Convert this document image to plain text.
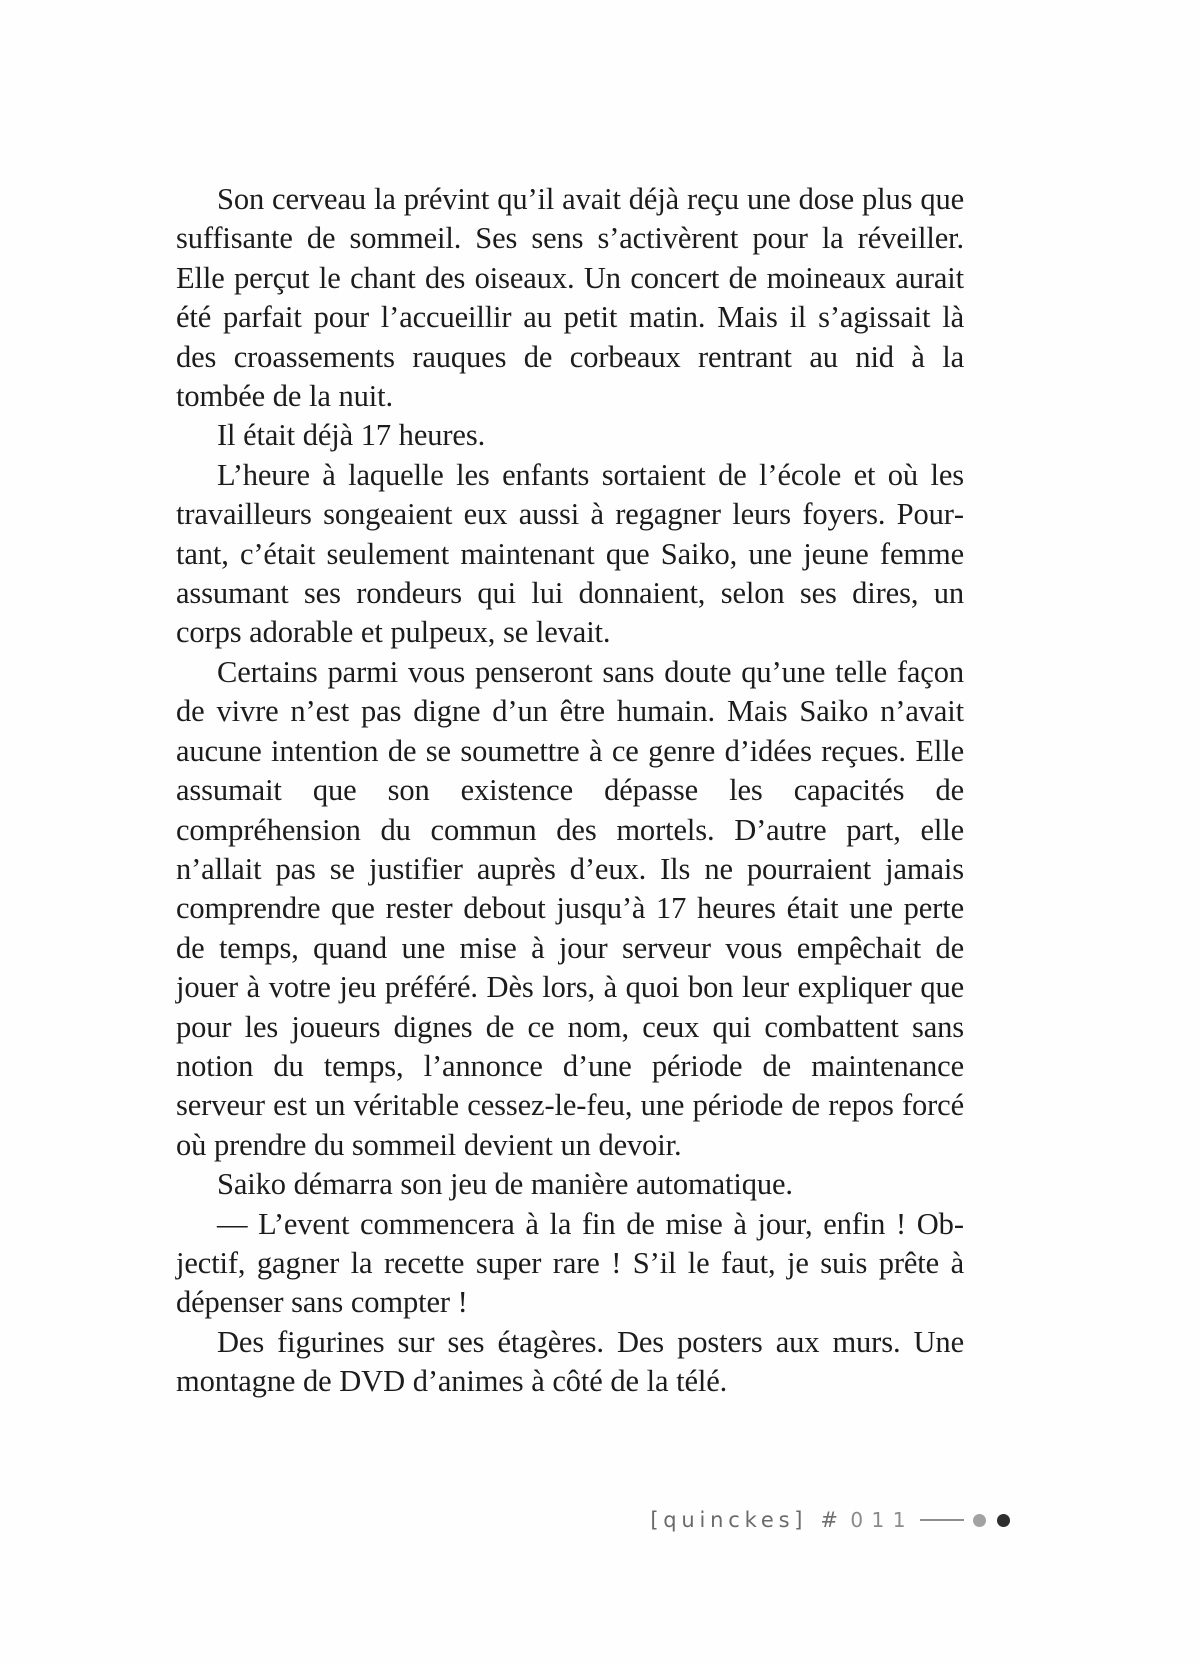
Son cerveau la prévint qu’il avait déjà reçu une dose plus que suffisante de sommeil. Ses sens s’activèrent pour la réveiller. Elle perçut le chant des oiseaux. Un concert de moineaux aurait été parfait pour l’accueillir au petit matin. Mais il s’agissait là des croassements rauques de corbeaux rentrant au nid à la tombée de la nuit.

Il était déjà 17 heures.

L’heure à laquelle les enfants sortaient de l’école et où les travailleurs songeaient eux aussi à regagner leurs foyers. Pourtant, c’était seulement maintenant que Saiko, une jeune femme assumant ses rondeurs qui lui donnaient, selon ses dires, un corps adorable et pulpeux, se levait.

Certains parmi vous penseront sans doute qu’une telle façon de vivre n’est pas digne d’un être humain. Mais Saiko n’avait aucune intention de se soumettre à ce genre d’idées reçues. Elle assumait que son existence dépasse les capacités de compréhension du commun des mortels. D’autre part, elle n’allait pas se justifier auprès d’eux. Ils ne pourraient jamais comprendre que rester debout jusqu’à 17 heures était une perte de temps, quand une mise à jour serveur vous empêchait de jouer à votre jeu préféré. Dès lors, à quoi bon leur expliquer que pour les joueurs dignes de ce nom, ceux qui combattent sans notion du temps, l’annonce d’une période de maintenance serveur est un véritable cessez-le-feu, une période de repos forcé où prendre du sommeil devient un devoir.

Saiko démarra son jeu de manière automatique.

— L’event commencera à la fin de mise à jour, enfin ! Objectif, gagner la recette super rare ! S’il le faut, je suis prête à dépenser sans compter !

Des figurines sur ses étagères. Des posters aux murs. Une montagne de DVD d’animes à côté de la télé.

[quinckes] # 011
